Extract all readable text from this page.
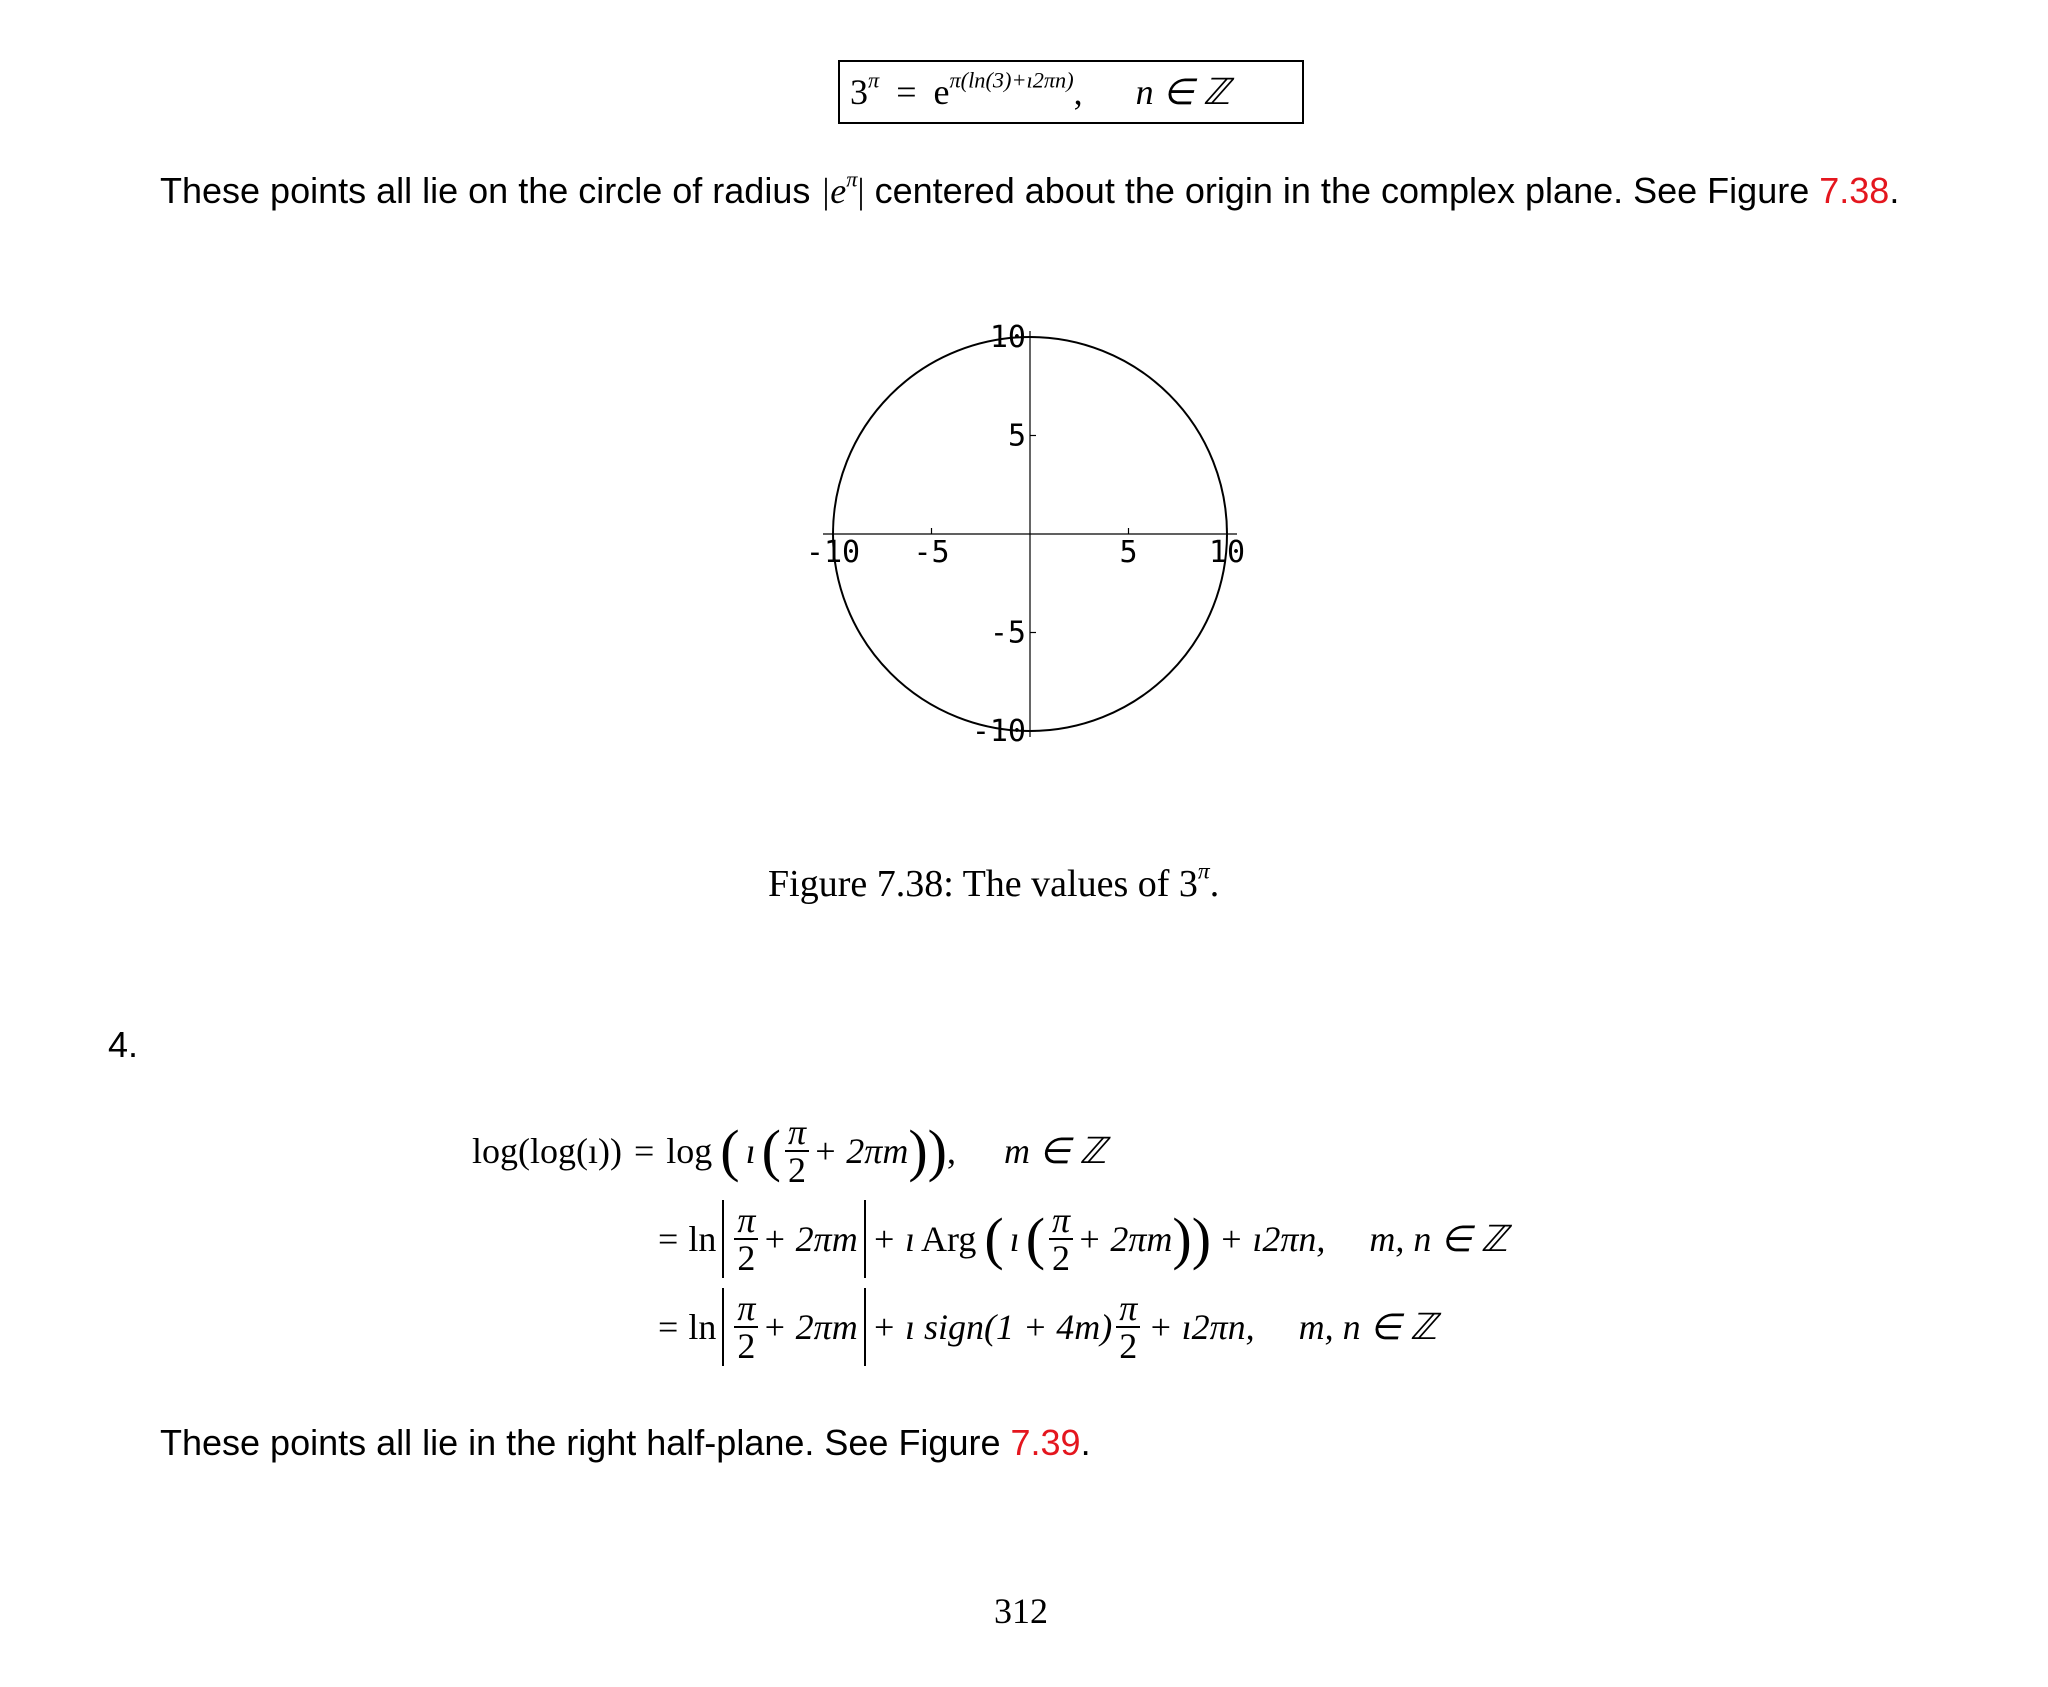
$3^\pi = e^{\pi(ln(3)+ı2\pi n)}$, n ∈ ℤ
These points all lie on the circle of radius $|e^\pi|$ centered about the origin in the complex plane. See Figure 7.38.
-10 -5	5 10
10
5
-5
-10
Figure 7.38: The values of $3^\pi$.
4.
log(log(ı)) = log ( ı ( $\frac{\pi}{2} + 2\pi m$ )) , m ∈ ℤ
= $\ln \frac{\pi}{2} + 2\pi m$ + ı Arg ( ı ( $\frac{\pi}{2} + 2\pi m$ )) + ı2πn, m, n ∈ ℤ
= $\ln \frac{\pi}{2} + 2\pi m$ + ı sign(1 + $4m) \frac{\pi}{2}$ + ı2πn, m, n ∈ ℤ
These points all lie in the right half-plane. See Figure 7.39.
312
